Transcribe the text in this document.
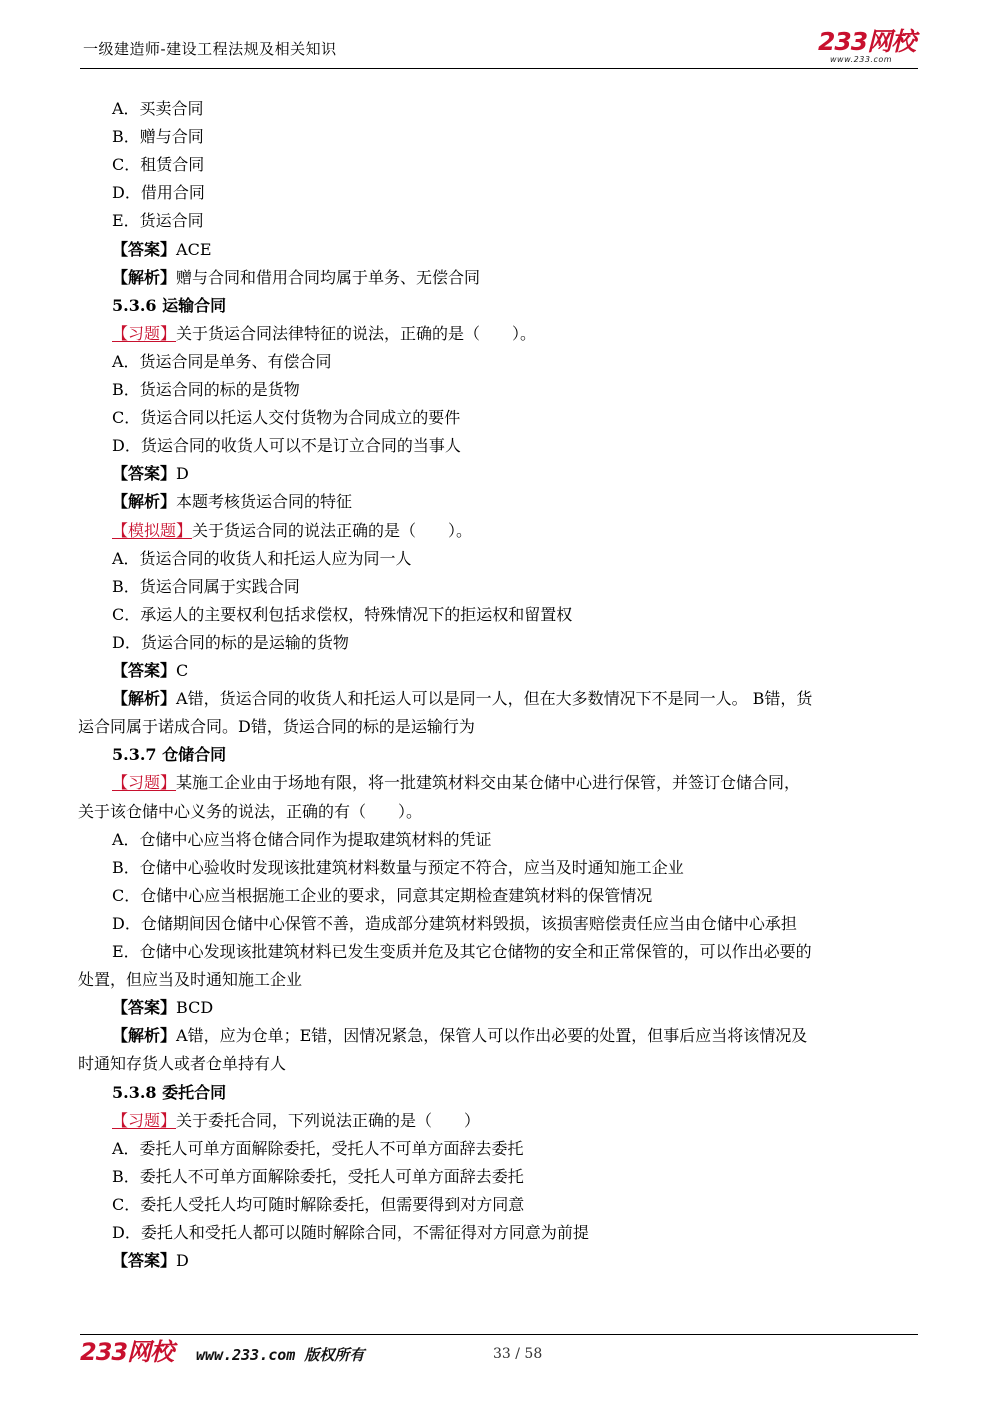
一级建造师-建设工程法规及相关知识	233网校
www.233.com
A．买卖合同
B．赠与合同
C．租赁合同
D．借用合同
E．货运合同
【答案】ACE
【解析】赠与合同和借用合同均属于单务、无偿合同
5.3.6 运输合同
【习题】关于货运合同法律特征的说法，正确的是（　　）。
A．货运合同是单务、有偿合同
B．货运合同的标的是货物
C．货运合同以托运人交付货物为合同成立的要件
D．货运合同的收货人可以不是订立合同的当事人
【答案】D
【解析】本题考核货运合同的特征
【模拟题】关于货运合同的说法正确的是（　　）。
A．货运合同的收货人和托运人应为同一人
B．货运合同属于实践合同
C．承运人的主要权利包括求偿权，特殊情况下的拒运权和留置权
D．货运合同的标的是运输的货物
【答案】C
【解析】A错，货运合同的收货人和托运人可以是同一人，但在大多数情况下不是同一人。 B错，货
运合同属于诺成合同。D错，货运合同的标的是运输行为
5.3.7 仓储合同
【习题】某施工企业由于场地有限，将一批建筑材料交由某仓储中心进行保管，并签订仓储合同，
关于该仓储中心义务的说法，正确的有（　　）。
A．仓储中心应当将仓储合同作为提取建筑材料的凭证
B．仓储中心验收时发现该批建筑材料数量与预定不符合，应当及时通知施工企业
C．仓储中心应当根据施工企业的要求，同意其定期检查建筑材料的保管情况
D．仓储期间因仓储中心保管不善，造成部分建筑材料毁损，该损害赔偿责任应当由仓储中心承担
E．仓储中心发现该批建筑材料已发生变质并危及其它仓储物的安全和正常保管的，可以作出必要的
处置，但应当及时通知施工企业
【答案】BCD
【解析】A错，应为仓单；E错，因情况紧急，保管人可以作出必要的处置，但事后应当将该情况及
时通知存货人或者仓单持有人
5.3.8 委托合同
【习题】关于委托合同，下列说法正确的是（　　）
A．委托人可单方面解除委托，受托人不可单方面辞去委托
B．委托人不可单方面解除委托，受托人可单方面辞去委托
C．委托人受托人均可随时解除委托，但需要得到对方同意
D．委托人和受托人都可以随时解除合同，不需征得对方同意为前提
【答案】D
233网校 www.233.com 版权所有	33 / 58
